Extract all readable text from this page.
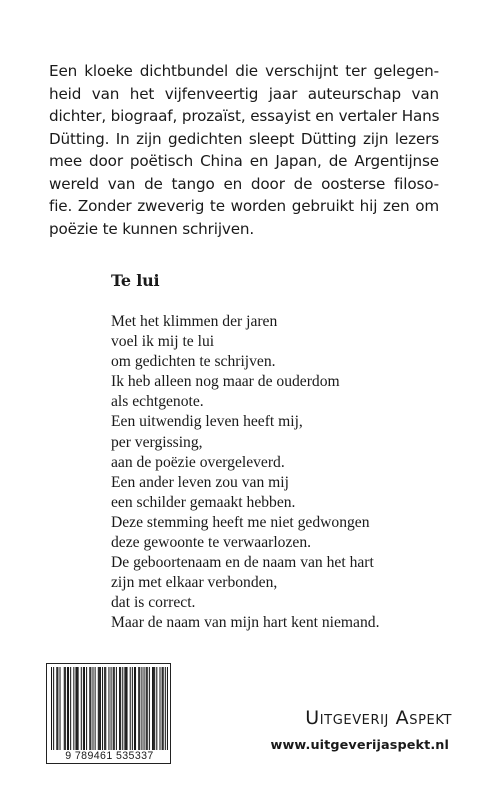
Een kloeke dichtbundel die verschijnt ter gelegen-
heid van het vijfenveertig jaar auteurschap van
dichter, biograaf, prozaïst, essayist en vertaler Hans
Dütting. In zijn gedichten sleept Dütting zijn lezers
mee door poëtisch China en Japan, de Argentijnse
wereld van de tango en door de oosterse filoso-
fie. Zonder zweverig te worden gebruikt hij zen om
poëzie te kunnen schrijven.
Te lui
Met het klimmen der jaren
voel ik mij te lui
om gedichten te schrijven.
Ik heb alleen nog maar de ouderdom
als echtgenote.
Een uitwendig leven heeft mij,
per vergissing,
aan de poëzie overgeleverd.
Een ander leven zou van mij
een schilder gemaakt hebben.
Deze stemming heeft me niet gedwongen
deze gewoonte te verwaarlozen.
De geboortenaam en de naam van het hart
zijn met elkaar verbonden,
dat is correct.
Maar de naam van mijn hart kent niemand.
9 789461 535337
Uitgeverij Aspekt
www.uitgeverijaspekt.nl
